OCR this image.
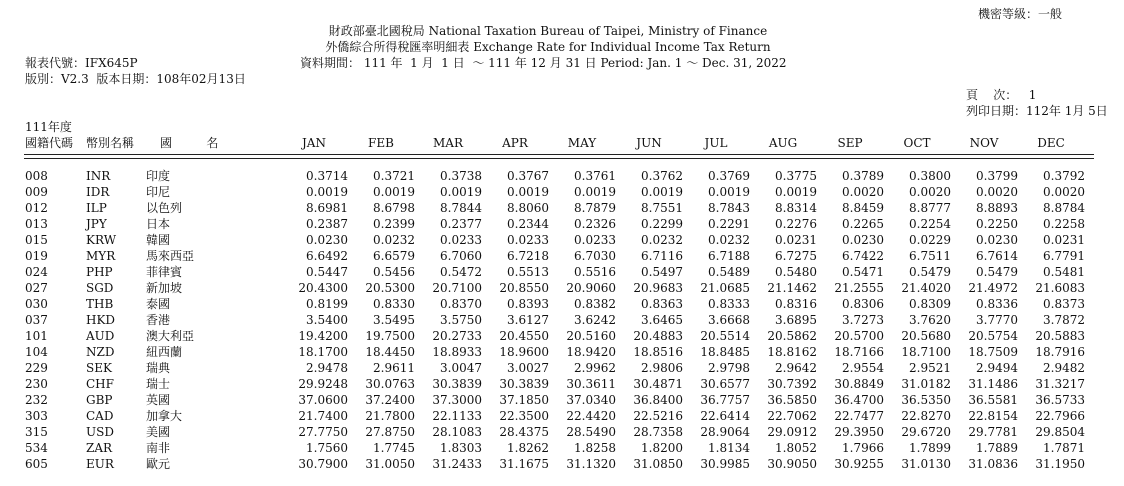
機密等級：一般
財政部臺北國稅局 National Taxation Bureau of Taipei, Ministry of Finance
外僑綜合所得稅匯率明細表 Exchange Rate for Individual Income Tax Return
報表代號：IFX645P	資料期間： 111 年  1 月  1 日  ～ 111 年 12 月 31 日 Period: Jan. 1 ～ Dec. 31, 2022
版別：V2.3  版本日期：108年02月13日
頁    次：   1
列印日期：112年 1月 5日
111年度
國籍代碼 幣別名稱 國         名	JAN	FEB	MAR	APR	MAY	JUN	JUL	AUG	SEP	OCT	NOV	DEC
008	INR	印度	0.3714	0.3721	0.3738	0.3767	0.3761	0.3762	0.3769	0.3775	0.3789	0.3800	0.3799	0.3792
009	IDR	印尼	0.0019	0.0019	0.0019	0.0019	0.0019	0.0019	0.0019	0.0019	0.0020	0.0020	0.0020	0.0020
012	ILP	以色列	8.6981	8.6798	8.7844	8.8060	8.7879	8.7551	8.7843	8.8314	8.8459	8.8777	8.8893	8.8784
013	JPY	日本	0.2387	0.2399	0.2377	0.2344	0.2326	0.2299	0.2291	0.2276	0.2265	0.2254	0.2250	0.2258
015	KRW 韓國	0.0230	0.0232	0.0233	0.0233	0.0233	0.0232	0.0232	0.0231	0.0230	0.0229	0.0230	0.0231
019	MYR	馬來西亞	6.6492	6.6579	6.7060	6.7218	6.7030	6.7116	6.7188	6.7275	6.7422	6.7511	6.7614	6.7791
024	PHP	菲律賓	0.5447	0.5456	0.5472	0.5513	0.5516	0.5497	0.5489	0.5480	0.5471	0.5479	0.5479	0.5481
027	SGD	新加坡	20.4300	20.5300	20.7100	20.8550	20.9060	20.9683	21.0685	21.1462	21.2555	21.4020	21.4972	21.6083
030	THB	泰國	0.8199	0.8330	0.8370	0.8393	0.8382	0.8363	0.8333	0.8316	0.8306	0.8309	0.8336	0.8373
037	HKD	香港	3.5400	3.5495	3.5750	3.6127	3.6242	3.6465	3.6668	3.6895	3.7273	3.7620	3.7770	3.7872
101	AUD	澳大利亞	19.4200	19.7500	20.2733	20.4550	20.5160	20.4883	20.5514	20.5862	20.5700	20.5680	20.5754	20.5883
104	NZD	紐西蘭	18.1700	18.4450	18.8933	18.9600	18.9420	18.8516	18.8485	18.8162	18.7166	18.7100	18.7509	18.7916
229	SEK	瑞典	2.9478	2.9611	3.0047	3.0027	2.9962	2.9806	2.9798	2.9642	2.9554	2.9521	2.9494	2.9482
230	CHF	瑞士	29.9248	30.0763	30.3839	30.3839	30.3611	30.4871	30.6577	30.7392	30.8849	31.0182	31.1486	31.3217
232	GBP	英國	37.0600	37.2400	37.3000	37.1850	37.0340	36.8400	36.7757	36.5850	36.4700	36.5350	36.5581	36.5733
303	CAD	加拿大	21.7400	21.7800	22.1133	22.3500	22.4420	22.5216	22.6414	22.7062	22.7477	22.8270	22.8154	22.7966
315	USD	美國	27.7750	27.8750	28.1083	28.4375	28.5490	28.7358	28.9064	29.0912	29.3950	29.6720	29.7781	29.8504
534	ZAR	南非	1.7560	1.7745	1.8303	1.8262	1.8258	1.8200	1.8134	1.8052	1.7966	1.7899	1.7889	1.7871
605	EUR	歐元	30.7900	31.0050	31.2433	31.1675	31.1320	31.0850	30.9985	30.9050	30.9255	31.0130	31.0836	31.1950
